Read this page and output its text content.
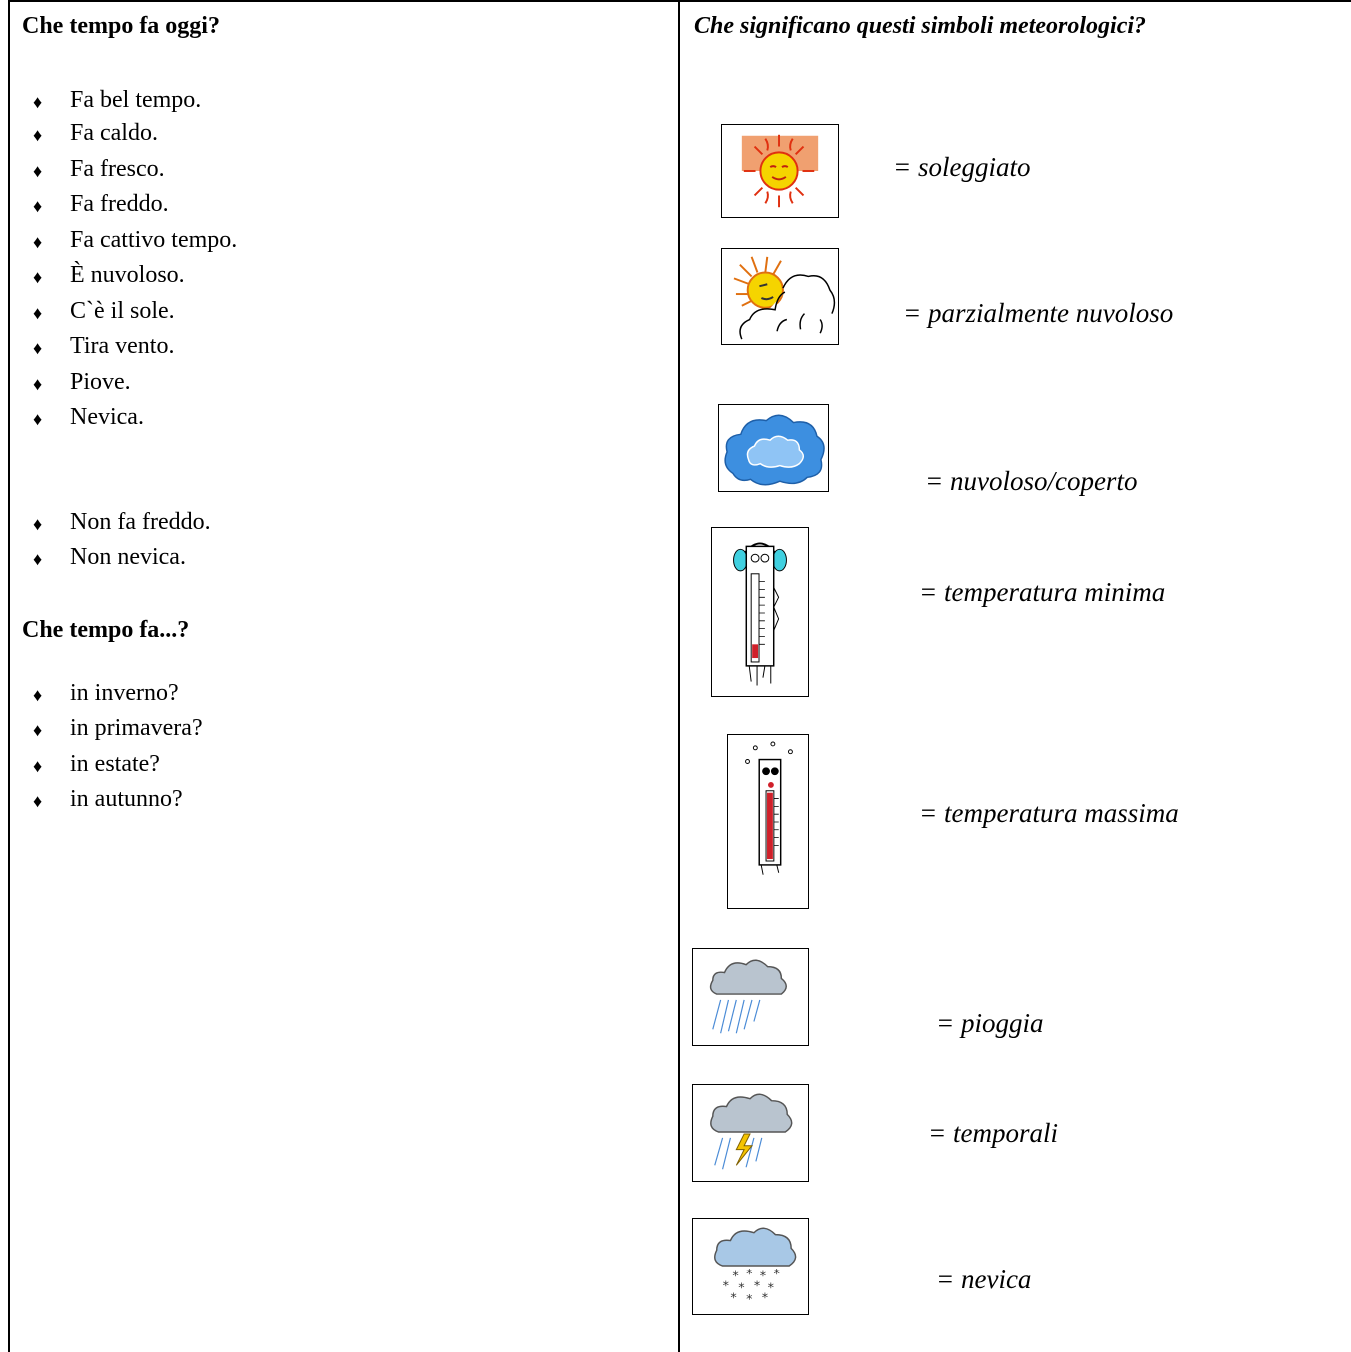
Che tempo fa oggi?
♦ Fa bel tempo.
♦ Fa caldo.
♦ Fa fresco.
♦ Fa freddo.
♦ Fa cattivo tempo.
♦ È nuvoloso.
♦ C`è il sole.
♦ Tira vento.
♦ Piove.
♦ Nevica.
♦ Non fa freddo.
♦ Non nevica.
Che tempo fa...?
♦ in inverno?
♦ in primavera?
♦ in estate?
♦ in autunno?
Che significano questi simboli meteorologici?
= soleggiato
= parzialmente nuvoloso
= nuvoloso/coperto
= temperatura minima
= temperatura massima
= pioggia
= temporali
* * * *
* * * *
* * *
= nevica
